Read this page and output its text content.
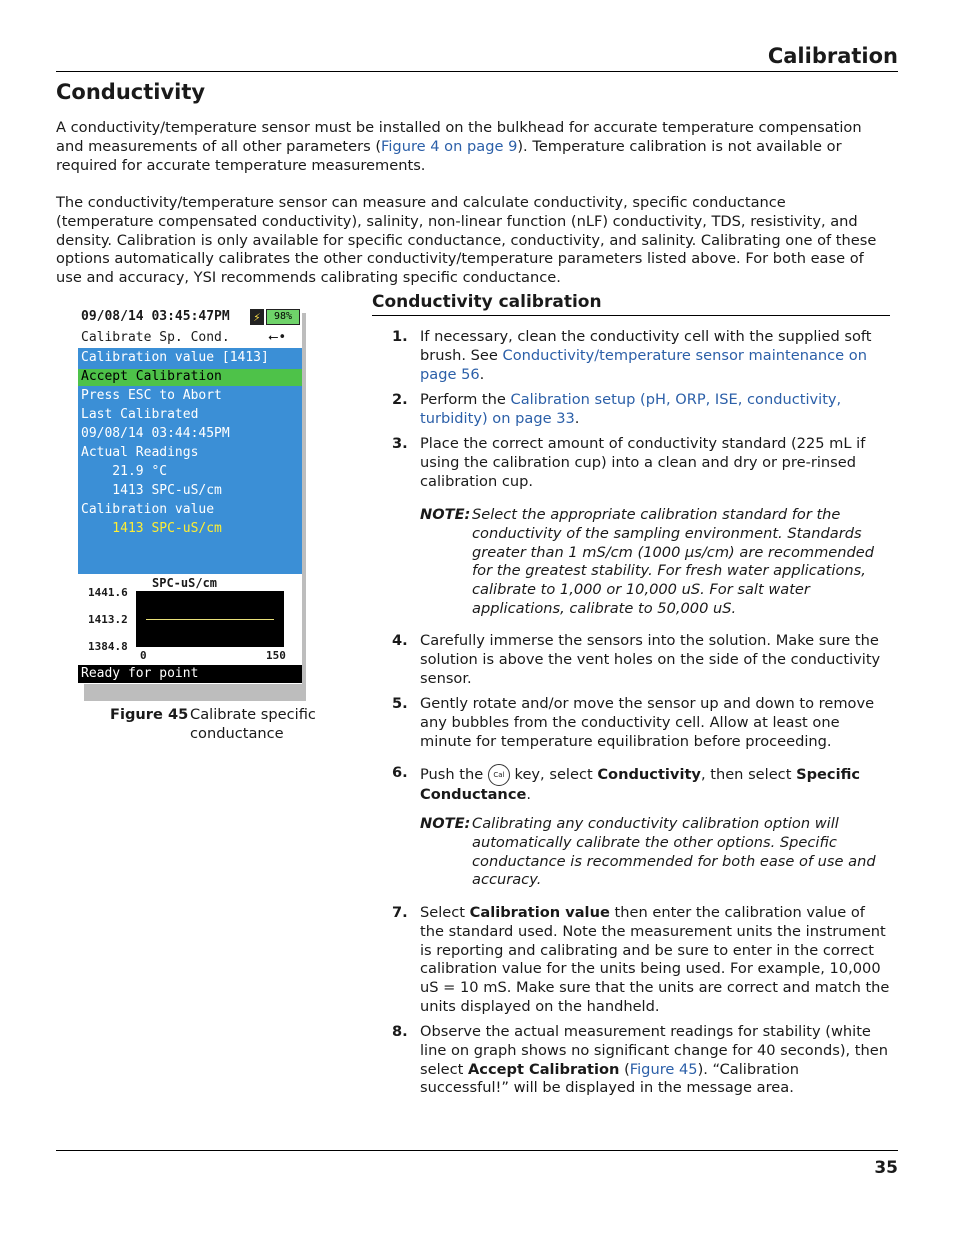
Calibration
Conductivity
A conductivity/temperature sensor must be installed on the bulkhead for accurate temperature compensation and measurements of all other parameters (Figure 4 on page 9). Temperature calibration is not available or required for accurate temperature measurements.
The conductivity/temperature sensor can measure and calculate conductivity, specific conductance (temperature compensated conductivity), salinity, non-linear function (nLF) conductivity, TDS, resistivity, and density. Calibration is only available for specific conductance, conductivity, and salinity. Calibrating one of these options automatically calibrates the other conductivity/temperature parameters listed above. For both ease of use and accuracy, YSI recommends calibrating specific conductance.
09/08/14 03:45:47PM ⚡	98%
Calibrate Sp. Cond.	⭠•
Calibration value [1413]
Accept Calibration
Press ESC to Abort
Last Calibrated
09/08/14 03:44:45PM
Actual Readings
21.9 °C
1413 SPC-uS/cm
Calibration value
1413 SPC-uS/cm
SPC-uS/cm
1441.6
1413.2
1384.8
0	150
Ready for point
Figure 45 Calibrate specific conductance
Conductivity calibration
1. If necessary, clean the conductivity cell with the supplied soft brush. See Conductivity/temperature sensor maintenance on page 56.
2. Perform the Calibration setup (pH, ORP, ISE, conductivity, turbidity) on page 33.
3. Place the correct amount of conductivity standard (225 mL if using the calibration cup) into a clean and dry or pre-rinsed calibration cup.
NOTE: Select the appropriate calibration standard for the conductivity of the sampling environment. Standards greater than 1 mS/cm (1000 µs/cm) are recommended for the greatest stability. For fresh water applications, calibrate to 1,000 or 10,000 uS. For salt water applications, calibrate to 50,000 uS.
4. Carefully immerse the sensors into the solution. Make sure the solution is above the vent holes on the side of the conductivity sensor.
5. Gently rotate and/or move the sensor up and down to remove any bubbles from the conductivity cell. Allow at least one minute for temperature equilibration before proceeding.
6. Push the Cal key, select Conductivity, then select Specific Conductance.
NOTE: Calibrating any conductivity calibration option will automatically calibrate the other options. Specific conductance is recommended for both ease of use and accuracy.
7. Select Calibration value then enter the calibration value of the standard used. Note the measurement units the instrument is reporting and calibrating and be sure to enter in the correct calibration value for the units being used. For example, 10,000 uS = 10 mS. Make sure that the units are correct and match the units displayed on the handheld.
8. Observe the actual measurement readings for stability (white line on graph shows no significant change for 40 seconds), then select Accept Calibration (Figure 45). “Calibration successful!” will be displayed in the message area.
35
